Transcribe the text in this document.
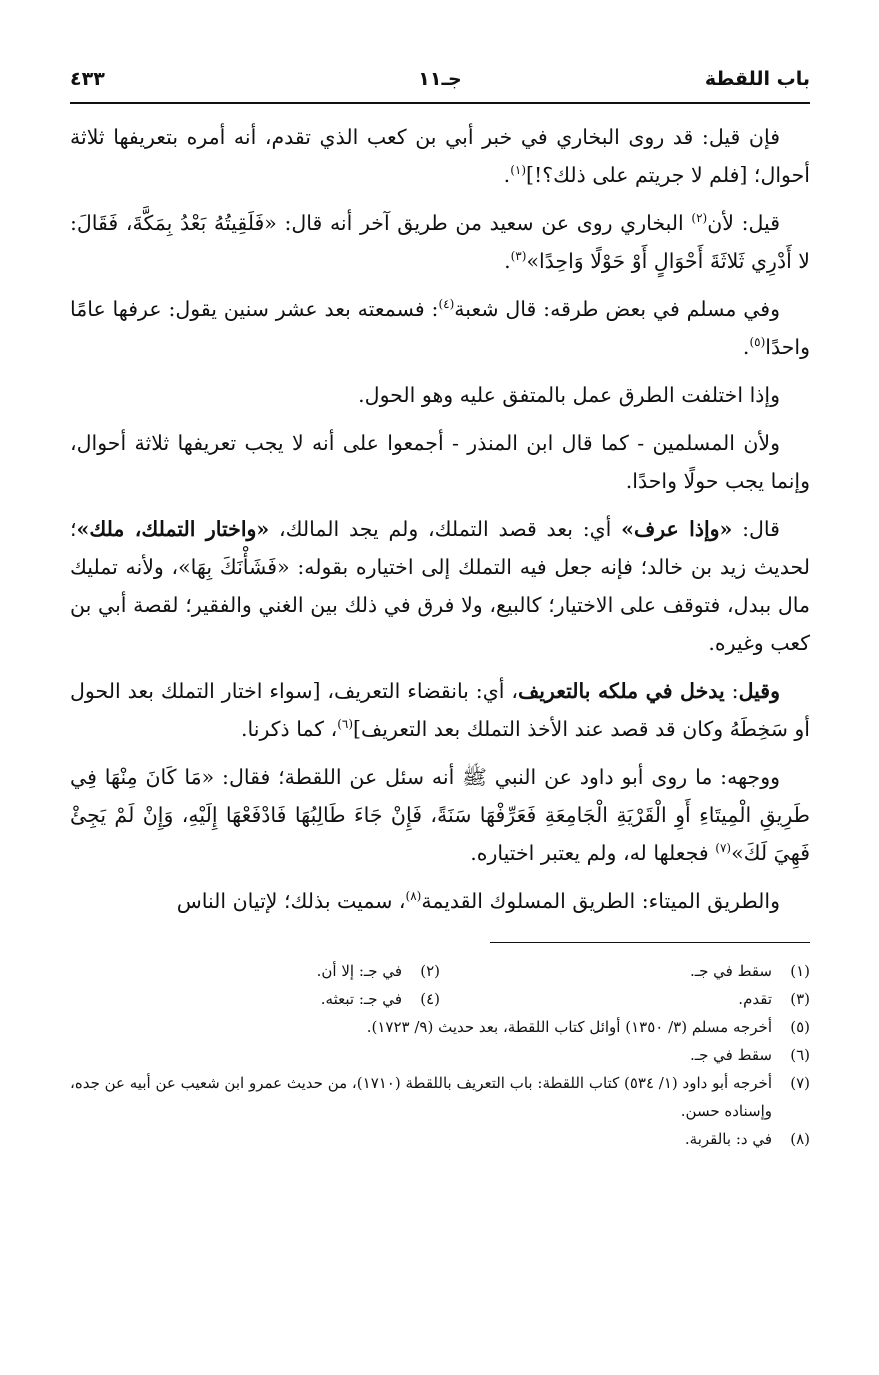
باب اللقطة
جـ١١
٤٣٣

فإن قيل: قد روى البخاري في خبر أبي بن كعب الذي تقدم، أنه أمره بتعريفها ثلاثة أحوال؛ [فلم لا جريتم على ذلك؟!]$^{(١)}$.

قيل: لأن$^{(٢)}$ البخاري روى عن سعيد من طريق آخر أنه قال: «فَلَقِيتُهُ بَعْدُ بِمَكَّةَ، فَقَالَ: لا أَدْرِي ثَلاثَةَ أَحْوَالٍ أَوْ حَوْلًا وَاحِدًا»$^{(٣)}$.

وفي مسلم في بعض طرقه: قال شعبة$^{(٤)}$: فسمعته بعد عشر سنين يقول: عرفها عامًا واحدًا$^{(٥)}$.

وإذا اختلفت الطرق عمل بالمتفق عليه وهو الحول.

ولأن المسلمين - كما قال ابن المنذر - أجمعوا على أنه لا يجب تعريفها ثلاثة أحوال، وإنما يجب حولًا واحدًا.

قال: «وإذا عرف» أي: بعد قصد التملك، ولم يجد المالك، «واختار التملك، ملك»؛ لحديث زيد بن خالد؛ فإنه جعل فيه التملك إلى اختياره بقوله: «فَشَأْنَكَ بِهَا»، ولأنه تمليك مال ببدل، فتوقف على الاختيار؛ كالبيع، ولا فرق في ذلك بين الغني والفقير؛ لقصة أبي بن كعب وغيره.

وقيل: يدخل في ملكه بالتعريف، أي: بانقضاء التعريف، [سواء اختار التملك بعد الحول أو سَخِطَهُ وكان قد قصد عند الأخذ التملك بعد التعريف]$^{(٦)}$، كما ذكرنا.

ووجهه: ما روى أبو داود عن النبي ﷺ أنه سئل عن اللقطة؛ فقال: «مَا كَانَ مِنْهَا فِي طَرِيقِ الْمِيتَاءِ أَوِ الْقَرْيَةِ الْجَامِعَةِ فَعَرِّفْهَا سَنَةً، فَإِنْ جَاءَ طَالِبُهَا فَادْفَعْهَا إِلَيْهِ، وَإِنْ لَمْ يَجِئْ فَهِيَ لَكَ»$^{(٧)}$ فجعلها له، ولم يعتبر اختياره.

والطريق الميتاء: الطريق المسلوك القديمة$^{(٨)}$، سميت بذلك؛ لإتيان الناس

(١)سقط في جـ.
(٢)في جـ: إلا أن.
(٣)تقدم.
(٤)في جـ: تبعثه.
(٥)أخرجه مسلم (٣/ ١٣٥٠) أوائل كتاب اللقطة، بعد حديث (٩/ ١٧٢٣).
(٦)سقط في جـ.
(٧)أخرجه أبو داود (١/ ٥٣٤) كتاب اللقطة: باب التعريف باللقطة (١٧١٠)، من حديث عمرو ابن شعيب عن أبيه عن جده، وإسناده حسن.
(٨)في د: بالقربة.
